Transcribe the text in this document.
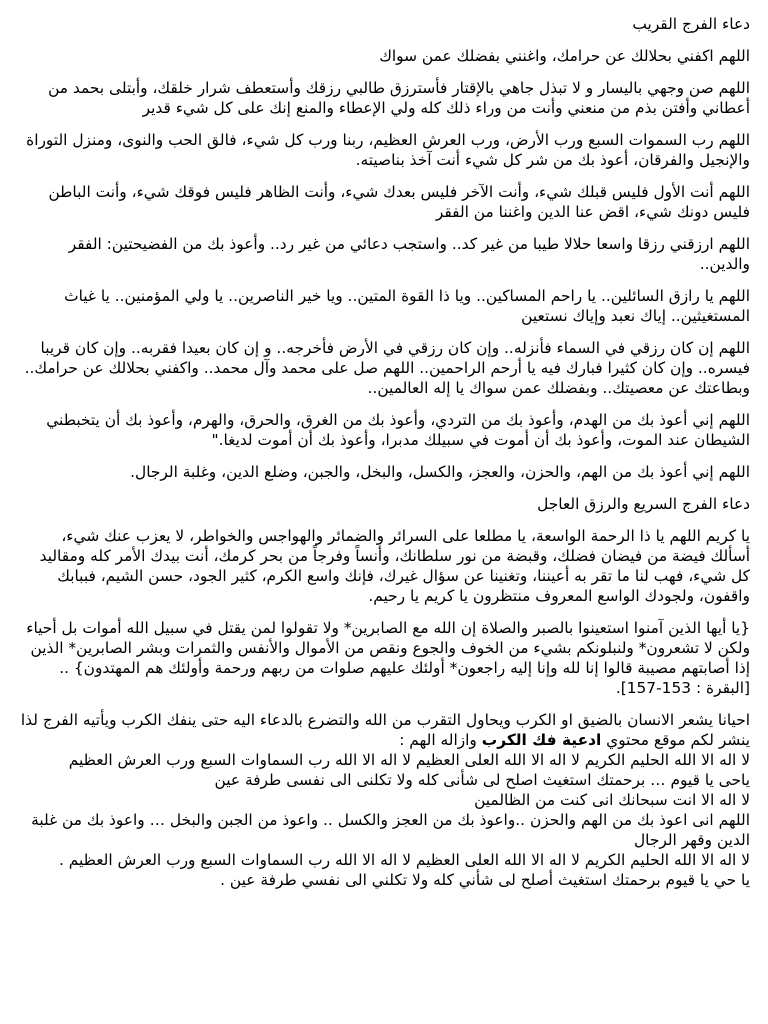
دعاء الفرج القريب

اللهم اكفني بحلالك عن حرامك، واغنني بفضلك عمن سواك

اللهم صن وجهي باليسار و لا تبذل جاهي بالإقتار فأسترزق طالبي رزقك وأستعطف شرار خلقك، وأبتلى بحمد من أعطاني وأفتن بذم من منعني وأنت من وراء ذلك كله ولي الإعطاء والمنع إنك على كل شيء قدير

اللهم رب السموات السبع ورب الأرض، ورب العرش العظيم، ربنا ورب كل شيء، فالق الحب والنوى، ومنزل التوراة والإنجيل والفرقان، أعوذ بك من شر كل شيء أنت آخذ بناصيته.

اللهم أنت الأول فليس قبلك شيء، وأنت الآخر فليس بعدك شيء، وأنت الظاهر فليس فوقك شيء، وأنت الباطن فليس دونك شيء، اقض عنا الدين واغننا من الفقر

اللهم ارزقني رزقا واسعا حلالا طيبا من غير كد.. واستجب دعائي من غير رد.. وأعوذ بك من الفضيحتين: الفقر والدين..

اللهم يا رازق السائلين.. يا راحم المساكين.. ويا ذا القوة المتين.. ويا خير الناصرين.. يا ولي المؤمنين.. يا غياث المستغيثين.. إياك نعبد وإياك نستعين

اللهم إن كان رزقي في السماء فأنزله.. وإن كان رزقي في الأرض فأخرجه.. و إن كان بعيدا فقربه.. وإن كان قريبا فيسره.. وإن كان كثيرا فبارك فيه يا أرحم الراحمين.. اللهم صل على محمد وآل محمد.. واكفني بحلالك عن حرامك.. وبطاعتك عن معصيتك.. وبفضلك عمن سواك يا إله العالمين..

اللهم إني أعوذ بك من الهدم، وأعوذ بك من التردي، وأعوذ بك من الغرق، والحرق، والهرم، وأعوذ بك أن يتخبطني الشيطان عند الموت، وأعوذ بك أن أموت في سبيلك مدبرا، وأعوذ بك أن أموت لديغا."

اللهم إني أعوذ بك من الهم، والحزن، والعجز، والكسل، والبخل، والجبن، وضلع الدين، وغلبة الرجال.

دعاء الفرج السريع والرزق العاجل

يا كريم اللهم يا ذا الرحمة الواسعة، يا مطلعا على السرائر والضمائر والهواجس والخواطر، لا يعزب عنك شيء، أسألك فيضة من فيضان فضلك، وقبضة من نور سلطانك، وأنساً وفرجاً من بحر كرمك، أنت بيدك الأمر كله ومقاليد كل شيء، فهب لنا ما تقر به أعيننا، وتغنينا عن سؤال غيرك، فإنك واسع الكرم، كثير الجود، حسن الشيم، فببابك واقفون، ولجودك الواسع المعروف منتظرون يا كريم يا رحيم.

{يا أيها الذين آمنوا استعينوا بالصبر والصلاة إن الله مع الصابرين* ولا تقولوا لمن يقتل في سبيل الله أموات بل أحياء ولكن لا تشعرون* ولنبلونكم بشيء من الخوف والجوع ونقص من الأموال والأنفس والثمرات وبشر الصابرين* الذين إذا أصابتهم مصيبة قالوا إنا لله وإنا إليه راجعون* أولئك عليهم صلوات من ربهم ورحمة وأولئك هم المهتدون} .. [البقرة : 153-157].

احيانا يشعر الانسان بالضيق او الكرب ويحاول التقرب من الله والتضرع بالدعاء اليه حتى ينفك الكرب ويأتيه الفرج لذا ينشر لكم موقع محتوي ادعية فك الكرب وازاله الهم :
لا اله الا الله الحليم الكريم لا اله الا الله العلى العظيم لا اله الا الله رب السماوات السبع ورب العرش العظيم
ياحى يا قيوم … برحمتك استغيث اصلح لى شأنى كله ولا تكلنى الى نفسى طرفة عين
لا اله الا انت سبحانك انى كنت من الظالمين
اللهم انى اعوذ بك من الهم والحزن ..واعوذ بك من العجز والكسل .. واعوذ من الجبن والبخل … واعوذ بك من غلبة الدين وقهر الرجال
لا اله الا الله الحليم الكريم لا اله الا الله العلى العظيم لا اله الا الله رب السماوات السبع ورب العرش العظيم .
يا حي يا قيوم برحمتك استغيث أصلح لى شأني كله ولا تكلني الى نفسي طرفة عين .
